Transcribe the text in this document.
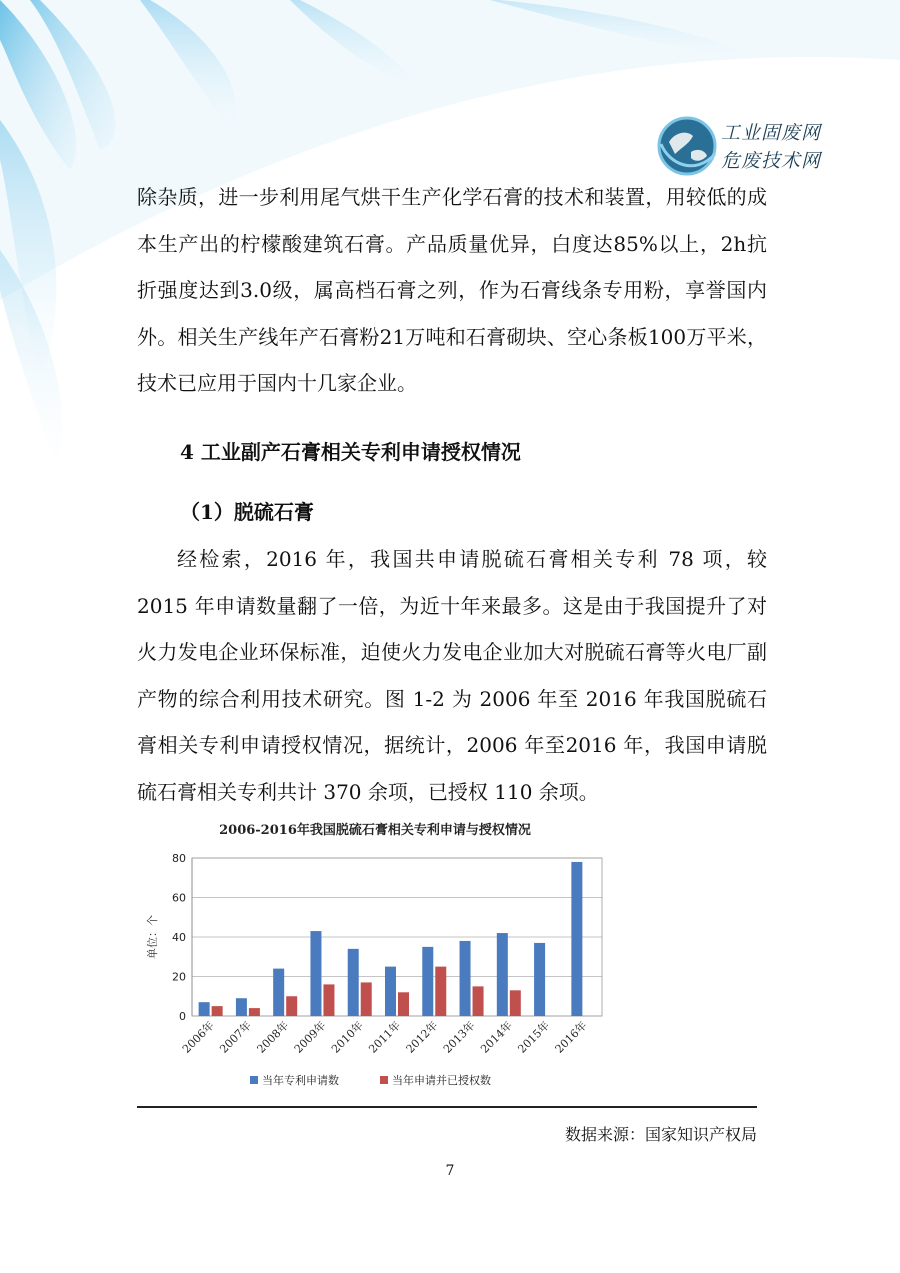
工业固废网
危废技术网

除杂质，进一步利用尾气烘干生产化学石膏的技术和装置，用较低的成本生产出的柠檬酸建筑石膏。产品质量优异，白度达85%以上，2h抗折强度达到3.0级，属高档石膏之列，作为石膏线条专用粉，享誉国内外。相关生产线年产石膏粉21万吨和石膏砌块、空心条板100万平米，技术已应用于国内十几家企业。

4 工业副产石膏相关专利申请授权情况
（1）脱硫石膏

经检索，2016 年，我国共申请脱硫石膏相关专利 78 项，较 2015 年申请数量翻了一倍，为近十年来最多。这是由于我国提升了对火力发电企业环保标准，迫使火力发电企业加大对脱硫石膏等火电厂副产物的综合利用技术研究。图 1-2 为 2006 年至 2016 年我国脱硫石膏相关专利申请授权情况，据统计，2006 年至2016 年，我国申请脱硫石膏相关专利共计 370 余项，已授权 110 余项。

2006-2016年我国脱硫石膏相关专利申请与授权情况
0
20
40
60
80
单位：个
2006年 2007年 2008年 2009年 2010年 2011年 2012年 2013年 2014年 2015年 2016年
当年专利申请数	当年申请并已授权数
数据来源：国家知识产权局
7
